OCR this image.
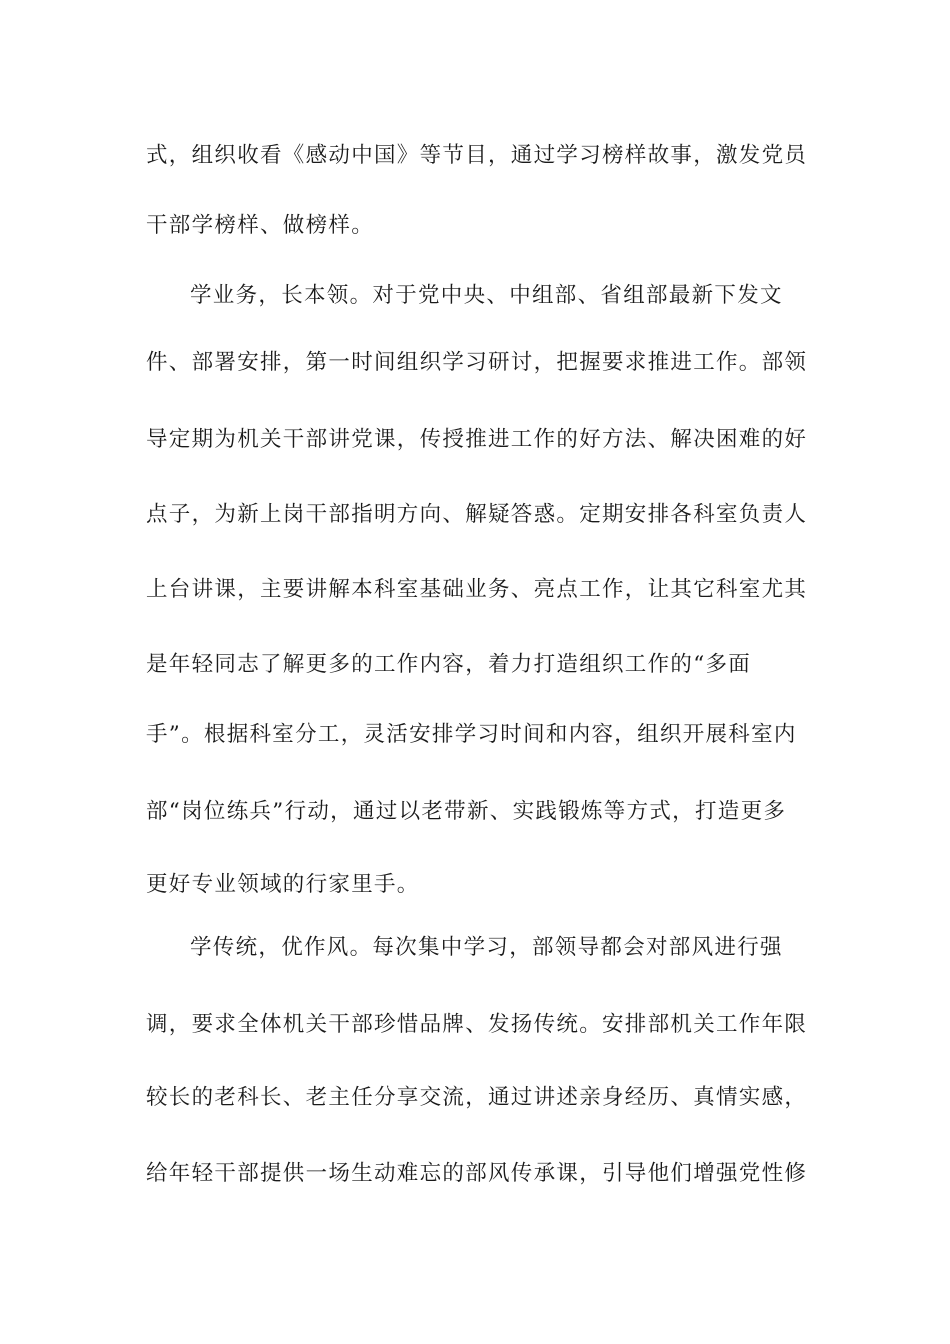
式，组织收看《感动中国》等节目，通过学习榜样故事，激发党员
干部学榜样、做榜样。
学业务，长本领。对于党中央、中组部、省组部最新下发文
件、部署安排，第一时间组织学习研讨，把握要求推进工作。部领
导定期为机关干部讲党课，传授推进工作的好方法、解决困难的好
点子，为新上岗干部指明方向、解疑答惑。定期安排各科室负责人
上台讲课，主要讲解本科室基础业务、亮点工作，让其它科室尤其
是年轻同志了解更多的工作内容，着力打造组织工作的“多面
手”。根据科室分工，灵活安排学习时间和内容，组织开展科室内
部“岗位练兵”行动，通过以老带新、实践锻炼等方式，打造更多
更好专业领域的行家里手。
学传统，优作风。每次集中学习，部领导都会对部风进行强
调，要求全体机关干部珍惜品牌、发扬传统。安排部机关工作年限
较长的老科长、老主任分享交流，通过讲述亲身经历、真情实感，
给年轻干部提供一场生动难忘的部风传承课，引导他们增强党性修
